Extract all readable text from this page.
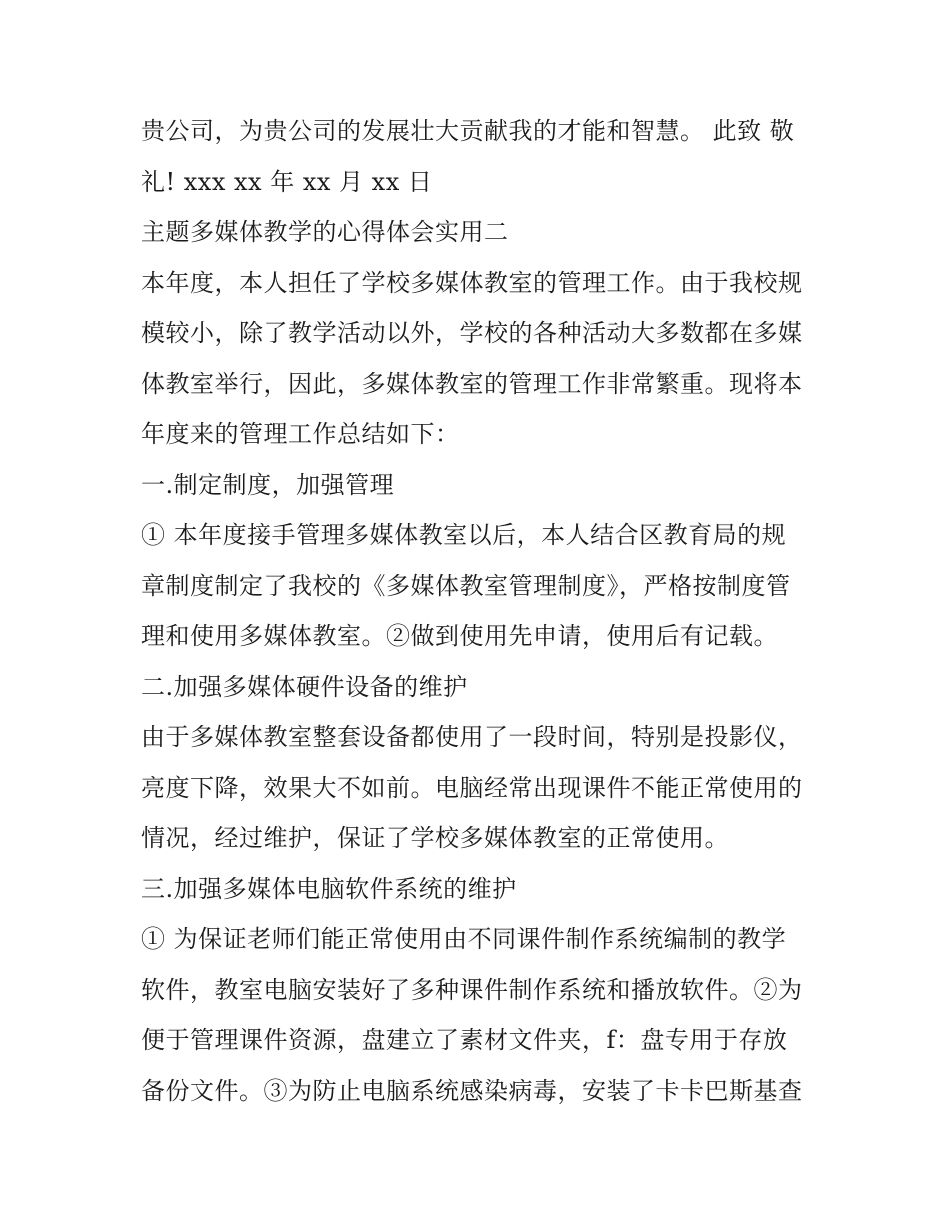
贵公司，为贵公司的发展壮大贡献我的才能和智慧。 此致 敬
礼! xxx xx 年 xx 月 xx 日
主题多媒体教学的心得体会实用二
本年度，本人担任了学校多媒体教室的管理工作。由于我校规
模较小，除了教学活动以外，学校的各种活动大多数都在多媒
体教室举行，因此，多媒体教室的管理工作非常繁重。现将本
年度来的管理工作总结如下：
一.制定制度，加强管理
① 本年度接手管理多媒体教室以后，本人结合区教育局的规
章制度制定了我校的《多媒体教室管理制度》，严格按制度管
理和使用多媒体教室。②做到使用先申请，使用后有记载。
二.加强多媒体硬件设备的维护
由于多媒体教室整套设备都使用了一段时间，特别是投影仪，
亮度下降，效果大不如前。电脑经常出现课件不能正常使用的
情况，经过维护，保证了学校多媒体教室的正常使用。
三.加强多媒体电脑软件系统的维护
① 为保证老师们能正常使用由不同课件制作系统编制的教学
软件，教室电脑安装好了多种课件制作系统和播放软件。②为
便于管理课件资源，盘建立了素材文件夹，f：盘专用于存放
备份文件。③为防止电脑系统感染病毒，安装了卡卡巴斯基查
